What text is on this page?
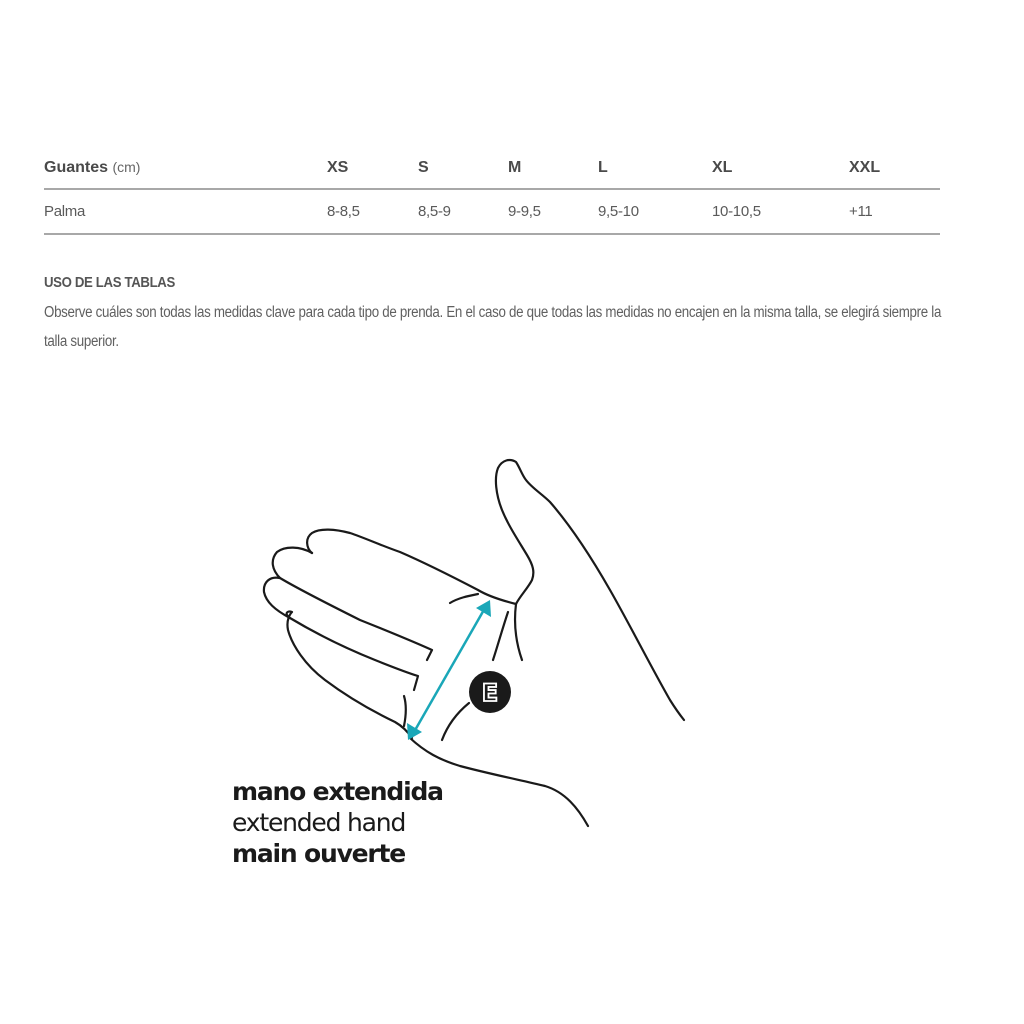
Guantes (cm)	XS	S	M	L	XL	XXL
Palma	8-8,5	8,5-9	9-9,5	9,5-10	10-10,5	+11

USO DE LAS TABLAS

Observe cuáles son todas las medidas clave para cada tipo de prenda. En el caso de que todas las medidas no encajen en la misma talla, se elegirá siempre la talla superior.

E
mano extendida
extended hand
main ouverte
